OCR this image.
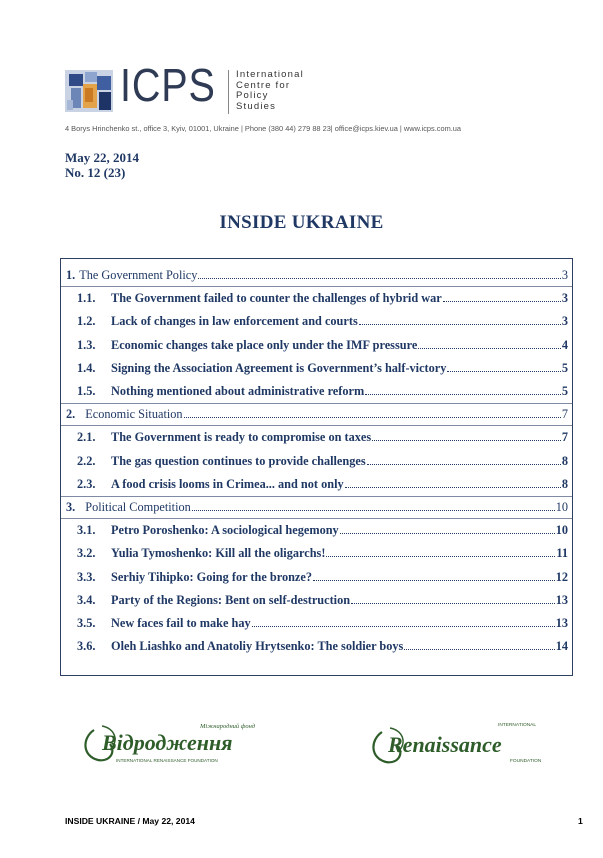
ICPS International
Centre for
Policy
Studies
4 Borys Hrinchenko st., office 3, Kyiv, 01001, Ukraine | Phone (380 44) 279 88 23| office@icps.kiev.ua | www.icps.com.ua
May 22, 2014
No. 12 (23)
INSIDE UKRAINE
1. The Government Policy	3
1.1.	The Government failed to counter the challenges of hybrid war	3
1.2.	Lack of changes in law enforcement and courts	3
1.3.	Economic changes take place only under the IMF pressure	4
1.4.	Signing the Association Agreement is Government’s half-victory	5
1.5.	Nothing mentioned about administrative reform	5
2. Economic Situation	7
2.1.	The Government is ready to compromise on taxes	7
2.2.	The gas question continues to provide challenges	8
2.3.	A food crisis looms in Crimea... and not only	8
3. Political Competition	10
3.1.	Petro Poroshenko: A sociological hegemony	10
3.2.	Yulia Tymoshenko: Kill all the oligarchs!	11
3.3.	Serhiy Tihipko: Going for the bronze?	12
3.4.	Party of the Regions: Bent on self-destruction	13
3.5.	New faces fail to make hay	13
3.6.	Oleh Liashko and Anatoliy Hrytsenko: The soldier boys	14
Міжнародний фонд
Відродження
INTERNATIONAL RENAISSANCE FOUNDATION
INTERNATIONAL
Renaissance
FOUNDATION
INSIDE UKRAINE / May 22, 2014	1
